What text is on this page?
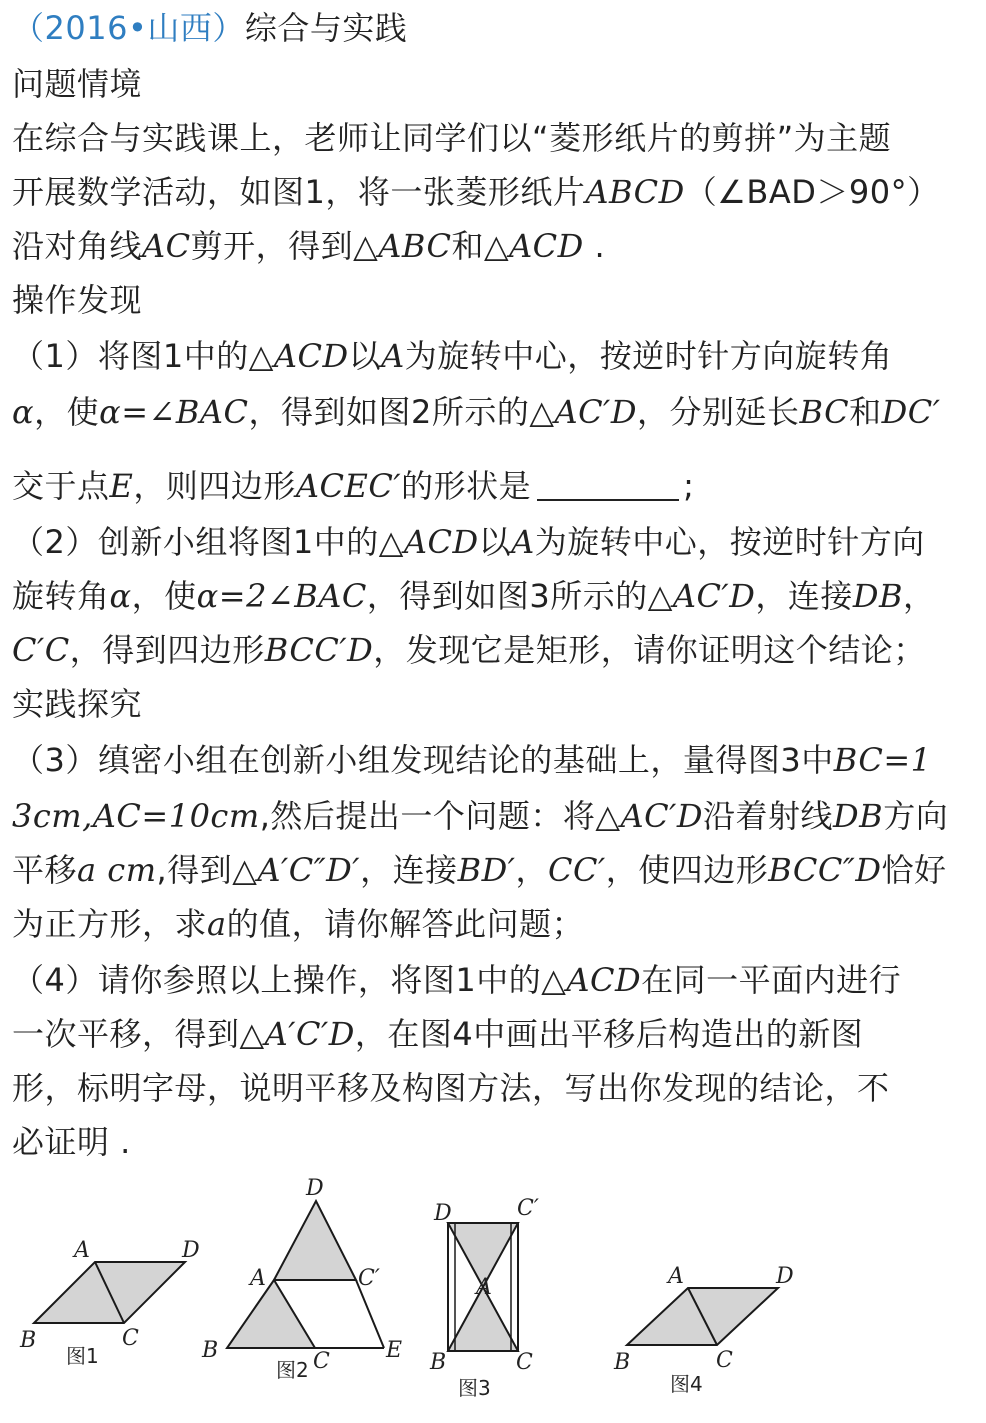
（2016•山西）综合与实践
问题情境
在综合与实践课上，老师让同学们以“菱形纸片的剪拼”为主题
开展数学活动，如图1，将一张菱形纸片ABCD（∠BAD＞90°）
沿对角线AC剪开，得到△ABC和△ACD .
操作发现
（1）将图1中的△ACD以A为旋转中心，按逆时针方向旋转角
α，使α=∠BAC，得到如图2所示的△AC′D，分别延长BC和DC′
交于点E，则四边形ACEC′的形状是	;
（2）创新小组将图1中的△ACD以A为旋转中心，按逆时针方向
旋转角α，使α=2∠BAC，得到如图3所示的△AC′D，连接DB，
C′C，得到四边形BCC′D，发现它是矩形，请你证明这个结论；
实践探究
（3）缜密小组在创新小组发现结论的基础上，量得图3中BC=1
3cm,AC=10cm,然后提出一个问题：将△AC′D沿着射线DB方向
平移a cm,得到△A′C″D′，连接BD′，CC′，使四边形BCC″D恰好
为正方形，求a的值，请你解答此问题；
（4）请你参照以上操作，将图1中的△ACD在同一平面内进行
一次平移，得到△A′C′D，在图4中画出平移后构造出的新图
形，标明字母，说明平移及构图方法，写出你发现的结论，不
必证明 .
A	D
B	C
图1
D
A	C′
B	C	E
图2
D	C′
A
B	C
图3
A	D
B	C
图4
